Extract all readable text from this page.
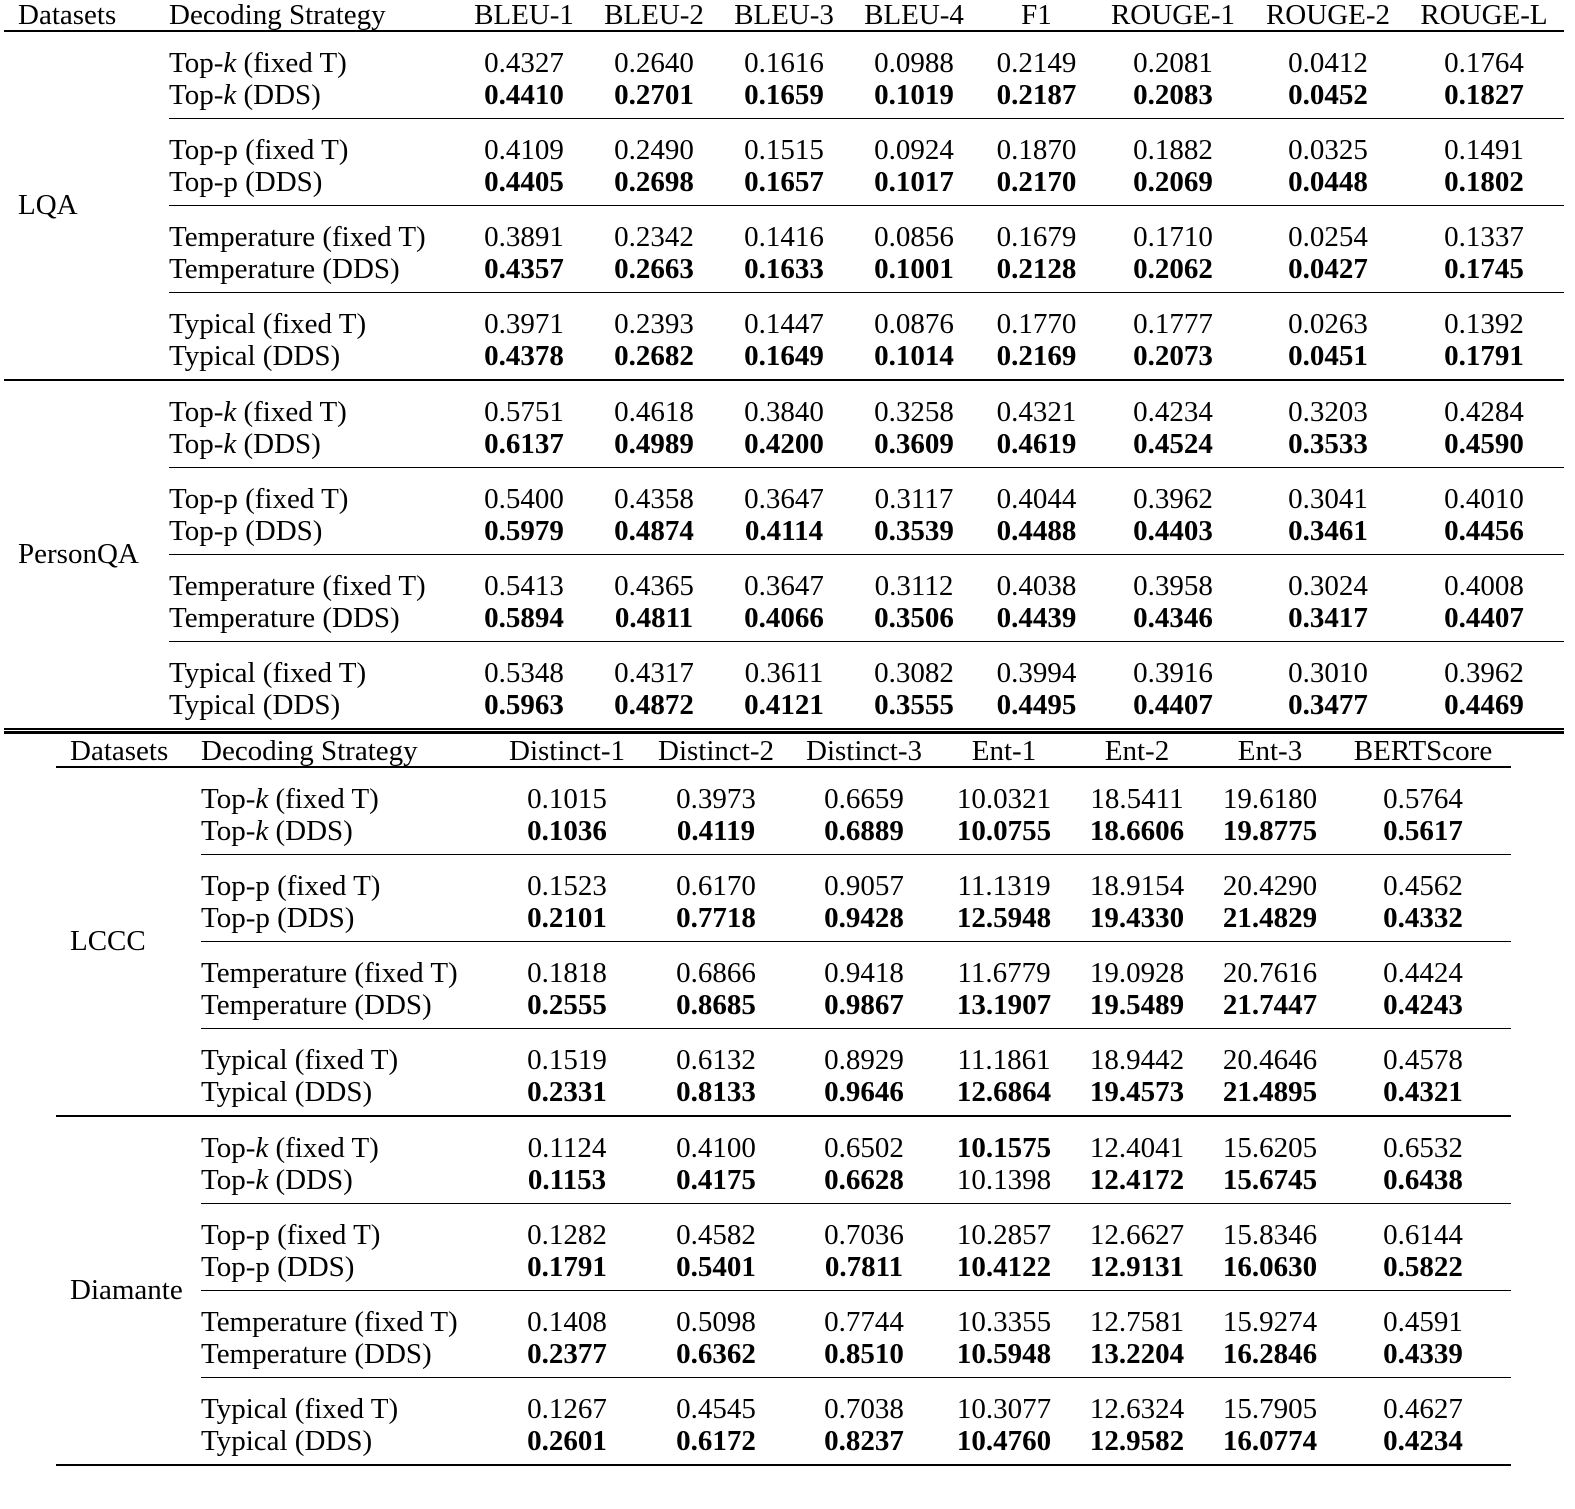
Datasets	Decoding Strategy	BLEU-1	BLEU-2	BLEU-3	BLEU-4	F1	ROUGE-1	ROUGE-2	ROUGE-L
LQA	Top-k (fixed T)	0.4327	0.2640	0.1616	0.0988	0.2149	0.2081	0.0412	0.1764
	Top-k (DDS)	0.4410	0.2701	0.1659	0.1019	0.2187	0.2083	0.0452	0.1827
	Top-p (fixed T)	0.4109	0.2490	0.1515	0.0924	0.1870	0.1882	0.0325	0.1491
	Top-p (DDS)	0.4405	0.2698	0.1657	0.1017	0.2170	0.2069	0.0448	0.1802
	Temperature (fixed T)	0.3891	0.2342	0.1416	0.0856	0.1679	0.1710	0.0254	0.1337
	Temperature (DDS)	0.4357	0.2663	0.1633	0.1001	0.2128	0.2062	0.0427	0.1745
	Typical (fixed T)	0.3971	0.2393	0.1447	0.0876	0.1770	0.1777	0.0263	0.1392
	Typical (DDS)	0.4378	0.2682	0.1649	0.1014	0.2169	0.2073	0.0451	0.1791
PersonQA	Top-k (fixed T)	0.5751	0.4618	0.3840	0.3258	0.4321	0.4234	0.3203	0.4284
	Top-k (DDS)	0.6137	0.4989	0.4200	0.3609	0.4619	0.4524	0.3533	0.4590
	Top-p (fixed T)	0.5400	0.4358	0.3647	0.3117	0.4044	0.3962	0.3041	0.4010
	Top-p (DDS)	0.5979	0.4874	0.4114	0.3539	0.4488	0.4403	0.3461	0.4456
	Temperature (fixed T)	0.5413	0.4365	0.3647	0.3112	0.4038	0.3958	0.3024	0.4008
	Temperature (DDS)	0.5894	0.4811	0.4066	0.3506	0.4439	0.4346	0.3417	0.4407
	Typical (fixed T)	0.5348	0.4317	0.3611	0.3082	0.3994	0.3916	0.3010	0.3962
	Typical (DDS)	0.5963	0.4872	0.4121	0.3555	0.4495	0.4407	0.3477	0.4469
Datasets	Decoding Strategy	Distinct-1	Distinct-2	Distinct-3	Ent-1	Ent-2	Ent-3	BERTScore
LCCC	Top-k (fixed T)	0.1015	0.3973	0.6659	10.0321	18.5411	19.6180	0.5764
	Top-k (DDS)	0.1036	0.4119	0.6889	10.0755	18.6606	19.8775	0.5617
	Top-p (fixed T)	0.1523	0.6170	0.9057	11.1319	18.9154	20.4290	0.4562
	Top-p (DDS)	0.2101	0.7718	0.9428	12.5948	19.4330	21.4829	0.4332
	Temperature (fixed T)	0.1818	0.6866	0.9418	11.6779	19.0928	20.7616	0.4424
	Temperature (DDS)	0.2555	0.8685	0.9867	13.1907	19.5489	21.7447	0.4243
	Typical (fixed T)	0.1519	0.6132	0.8929	11.1861	18.9442	20.4646	0.4578
	Typical (DDS)	0.2331	0.8133	0.9646	12.6864	19.4573	21.4895	0.4321
Diamante	Top-k (fixed T)	0.1124	0.4100	0.6502	10.1575	12.4041	15.6205	0.6532
	Top-k (DDS)	0.1153	0.4175	0.6628	10.1398	12.4172	15.6745	0.6438
	Top-p (fixed T)	0.1282	0.4582	0.7036	10.2857	12.6627	15.8346	0.6144
	Top-p (DDS)	0.1791	0.5401	0.7811	10.4122	12.9131	16.0630	0.5822
	Temperature (fixed T)	0.1408	0.5098	0.7744	10.3355	12.7581	15.9274	0.4591
	Temperature (DDS)	0.2377	0.6362	0.8510	10.5948	13.2204	16.2846	0.4339
	Typical (fixed T)	0.1267	0.4545	0.7038	10.3077	12.6324	15.7905	0.4627
	Typical (DDS)	0.2601	0.6172	0.8237	10.4760	12.9582	16.0774	0.4234
